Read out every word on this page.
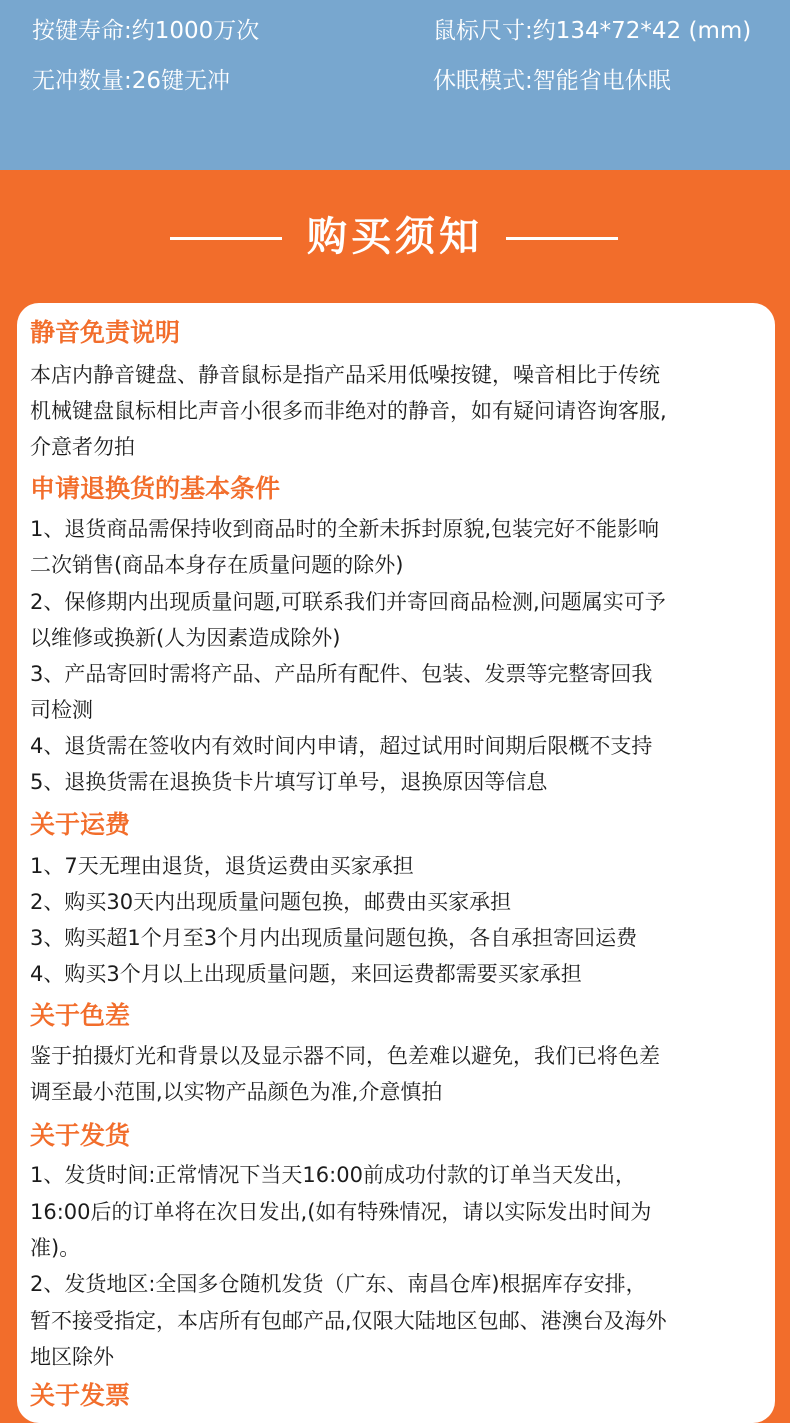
按键寿命:约1000万次	鼠标尺寸:约134*72*42 (mm)
无冲数量:26键无冲	休眠模式:智能省电休眠
购买须知
静音免责说明
本店内静音键盘、静音鼠标是指产品采用低噪按键，噪音相比于传统
机械键盘鼠标相比声音小很多而非绝对的静音，如有疑问请咨询客服,
介意者勿拍
申请退换货的基本条件
1、退货商品需保持收到商品时的全新未拆封原貌,包装完好不能影响
二次销售(商品本身存在质量问题的除外)
2、保修期内出现质量问题,可联系我们并寄回商品检测,问题属实可予
以维修或换新(人为因素造成除外)
3、产品寄回时需将产品、产品所有配件、包装、发票等完整寄回我
司检测
4、退货需在签收内有效时间内申请，超过试用时间期后限概不支持
5、退换货需在退换货卡片填写订单号，退换原因等信息
关于运费
1、7天无理由退货，退货运费由买家承担
2、购买30天内出现质量问题包换，邮费由买家承担
3、购买超1个月至3个月内出现质量问题包换，各自承担寄回运费
4、购买3个月以上出现质量问题，来回运费都需要买家承担
关于色差
鉴于拍摄灯光和背景以及显示器不同，色差难以避免，我们已将色差
调至最小范围,以实物产品颜色为准,介意慎拍
关于发货
1、发货时间:正常情况下当天16:00前成功付款的订单当天发出，
16:00后的订单将在次日发出,(如有特殊情况，请以实际发出时间为
准)。
2、发货地区:全国多仓随机发货（广东、南昌仓库)根据库存安排，
暂不接受指定，本店所有包邮产品,仅限大陆地区包邮、港澳台及海外
地区除外
关于发票
